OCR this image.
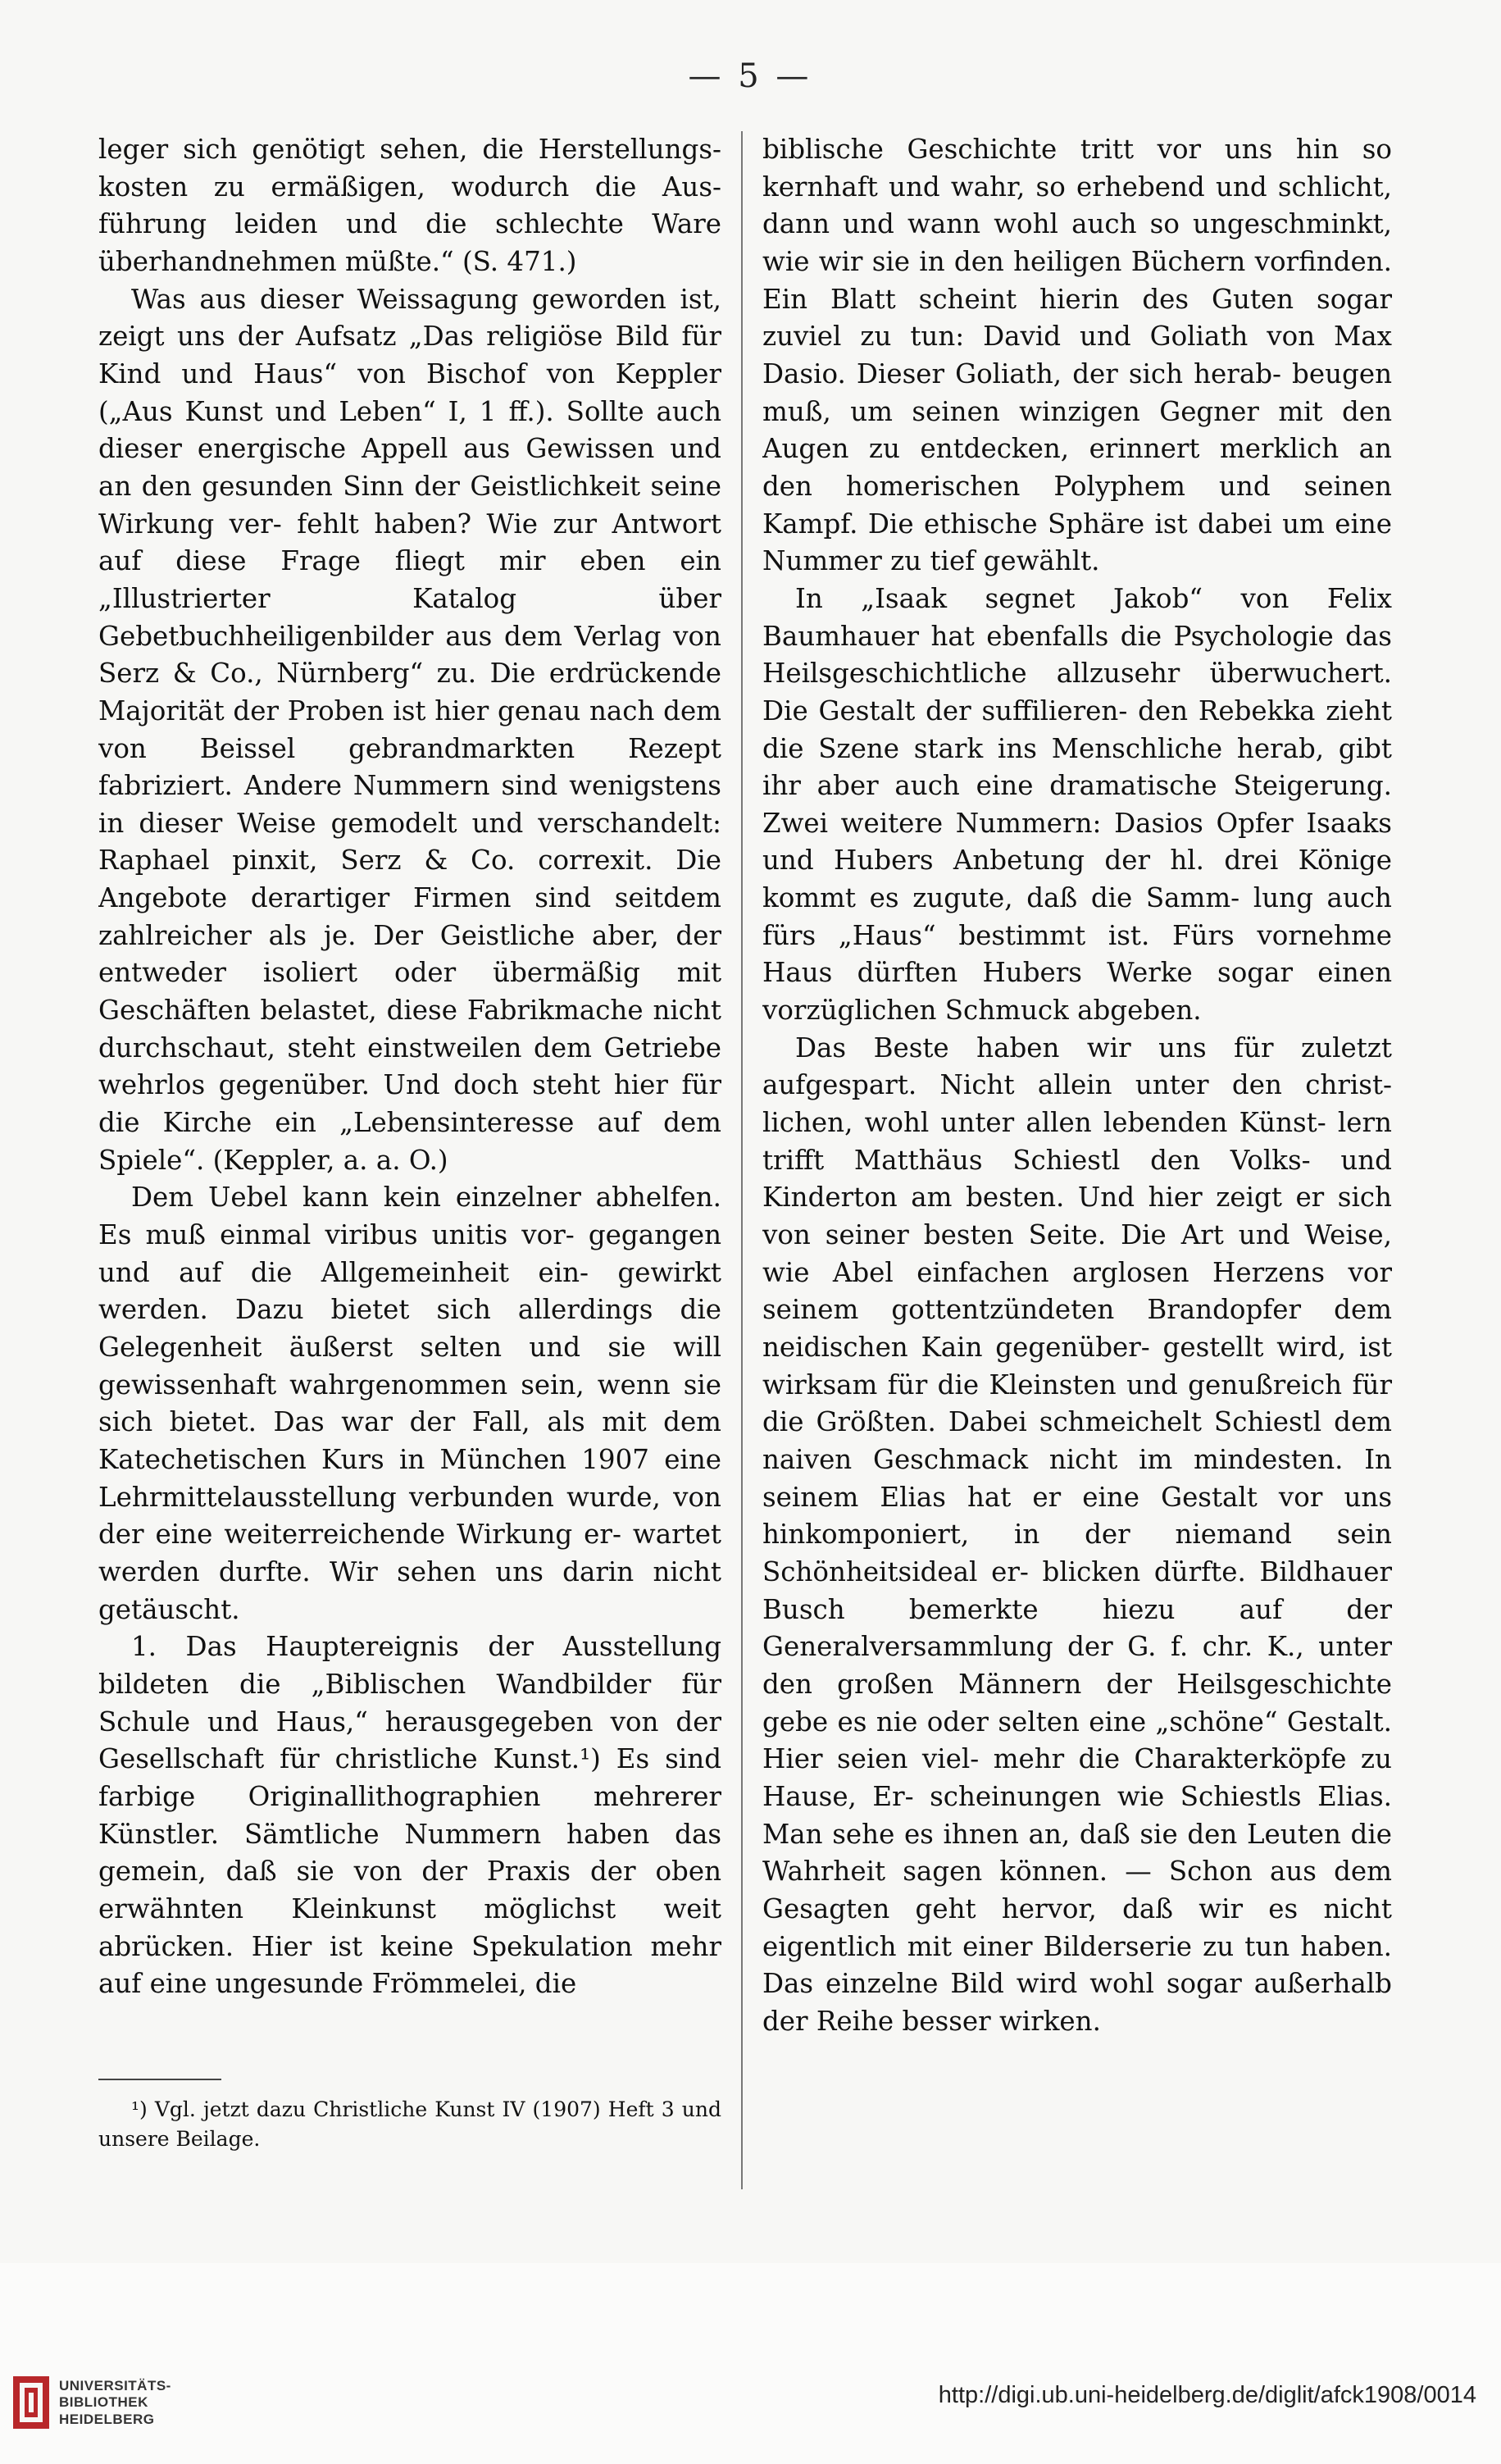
— 5 —

leger sich genötigt sehen, die Herstellungs- kosten zu ermäßigen, wodurch die Aus- führung leiden und die schlechte Ware überhandnehmen müßte.“ (S. 471.)

Was aus dieser Weissagung geworden ist, zeigt uns der Aufsatz „Das religiöse Bild für Kind und Haus“ von Bischof von Keppler („Aus Kunst und Leben“ I, 1 ff.). Sollte auch dieser energische Appell aus Gewissen und an den gesunden Sinn der Geistlichkeit seine Wirkung ver- fehlt haben? Wie zur Antwort auf diese Frage fliegt mir eben ein „Illustrierter Katalog über Gebetbuchheiligenbilder aus dem Verlag von Serz & Co., Nürnberg“ zu. Die erdrückende Majorität der Proben ist hier genau nach dem von Beissel gebrandmarkten Rezept fabriziert. Andere Nummern sind wenigstens in dieser Weise gemodelt und verschandelt: Raphael pinxit, Serz & Co. correxit. Die Angebote derartiger Firmen sind seitdem zahlreicher als je. Der Geistliche aber, der entweder isoliert oder übermäßig mit Geschäften belastet, diese Fabrikmache nicht durchschaut, steht einstweilen dem Getriebe wehrlos gegenüber. Und doch steht hier für die Kirche ein „Lebensinteresse auf dem Spiele“. (Keppler, a. a. O.)

Dem Uebel kann kein einzelner abhelfen. Es muß einmal viribus unitis vor- gegangen und auf die Allgemeinheit ein- gewirkt werden. Dazu bietet sich allerdings die Gelegenheit äußerst selten und sie will gewissenhaft wahrgenommen sein, wenn sie sich bietet. Das war der Fall, als mit dem Katechetischen Kurs in München 1907 eine Lehrmittelausstellung verbunden wurde, von der eine weiterreichende Wirkung er- wartet werden durfte. Wir sehen uns darin nicht getäuscht.

1. Das Hauptereignis der Ausstellung bildeten die „Biblischen Wandbilder für Schule und Haus,“ herausgegeben von der Gesellschaft für christliche Kunst.¹) Es sind farbige Originallithographien mehrerer Künstler. Sämtliche Nummern haben das gemein, daß sie von der Praxis der oben erwähnten Kleinkunst möglichst weit abrücken. Hier ist keine Spekulation mehr auf eine ungesunde Frömmelei, die

biblische Geschichte tritt vor uns hin so kernhaft und wahr, so erhebend und schlicht, dann und wann wohl auch so ungeschminkt, wie wir sie in den heiligen Büchern vorfinden. Ein Blatt scheint hierin des Guten sogar zuviel zu tun: David und Goliath von Max Dasio. Dieser Goliath, der sich herab- beugen muß, um seinen winzigen Gegner mit den Augen zu entdecken, erinnert merklich an den homerischen Polyphem und seinen Kampf. Die ethische Sphäre ist dabei um eine Nummer zu tief gewählt.

In „Isaak segnet Jakob“ von Felix Baumhauer hat ebenfalls die Psychologie das Heilsgeschichtliche allzusehr überwuchert. Die Gestalt der suffilieren- den Rebekka zieht die Szene stark ins Menschliche herab, gibt ihr aber auch eine dramatische Steigerung. Zwei weitere Nummern: Dasios Opfer Isaaks und Hubers Anbetung der hl. drei Könige kommt es zugute, daß die Samm- lung auch fürs „Haus“ bestimmt ist. Fürs vornehme Haus dürften Hubers Werke sogar einen vorzüglichen Schmuck abgeben.

Das Beste haben wir uns für zuletzt aufgespart. Nicht allein unter den christ- lichen, wohl unter allen lebenden Künst- lern trifft Matthäus Schiestl den Volks- und Kinderton am besten. Und hier zeigt er sich von seiner besten Seite. Die Art und Weise, wie Abel einfachen arglosen Herzens vor seinem gottentzündeten Brandopfer dem neidischen Kain gegenüber- gestellt wird, ist wirksam für die Kleinsten und genußreich für die Größten. Dabei schmeichelt Schiestl dem naiven Geschmack nicht im mindesten. In seinem Elias hat er eine Gestalt vor uns hinkomponiert, in der niemand sein Schönheitsideal er- blicken dürfte. Bildhauer Busch bemerkte hiezu auf der Generalversammlung der G. f. chr. K., unter den großen Männern der Heilsgeschichte gebe es nie oder selten eine „schöne“ Gestalt. Hier seien viel- mehr die Charakterköpfe zu Hause, Er- scheinungen wie Schiestls Elias. Man sehe es ihnen an, daß sie den Leuten die Wahrheit sagen können. — Schon aus dem Gesagten geht hervor, daß wir es nicht eigentlich mit einer Bilderserie zu tun haben. Das einzelne Bild wird wohl sogar außerhalb der Reihe besser wirken.

¹) Vgl. jetzt dazu Christliche Kunst IV (1907) Heft 3 und unsere Beilage.
UNIVERSITÄTS-
BIBLIOTHEK
HEIDELBERG
http://digi.ub.uni-heidelberg.de/diglit/afck1908/0014
